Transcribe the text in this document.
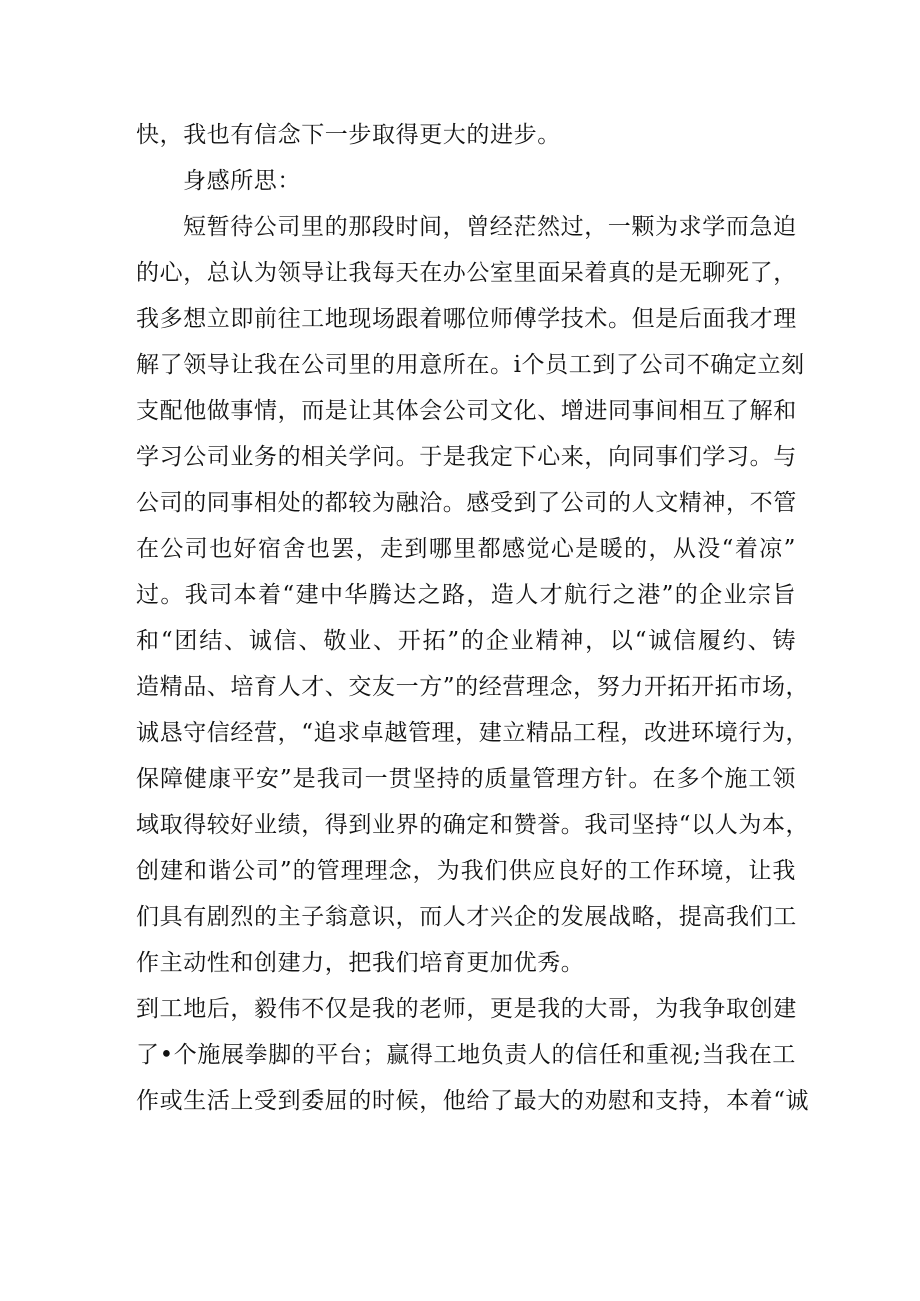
快，我也有信念下一步取得更大的进步。
身感所思：
短暂待公司里的那段时间，曾经茫然过，一颗为求学而急迫
的心，总认为领导让我每天在办公室里面呆着真的是无聊死了，
我多想立即前往工地现场跟着哪位师傅学技术。但是后面我才理
解了领导让我在公司里的用意所在。i个员工到了公司不确定立刻
支配他做事情，而是让其体会公司文化、增进同事间相互了解和
学习公司业务的相关学问。于是我定下心来，向同事们学习。与
公司的同事相处的都较为融洽。感受到了公司的人文精神，不管
在公司也好宿舍也罢，走到哪里都感觉心是暖的，从没“着凉”
过。我司本着“建中华腾达之路，造人才航行之港”的企业宗旨
和“团结、诚信、敬业、开拓”的企业精神，以“诚信履约、铸
造精品、培育人才、交友一方”的经营理念，努力开拓开拓市场，
诚恳守信经营，“追求卓越管理，建立精品工程，改进环境行为，
保障健康平安”是我司一贯坚持的质量管理方针。在多个施工领
域取得较好业绩，得到业界的确定和赞誉。我司坚持“以人为本，
创建和谐公司”的管理理念，为我们供应良好的工作环境，让我
们具有剧烈的主子翁意识，而人才兴企的发展战略，提高我们工
作主动性和创建力，把我们培育更加优秀。
到工地后，毅伟不仅是我的老师，更是我的大哥，为我争取创建
了•个施展拳脚的平台；赢得工地负责人的信任和重视;当我在工
作或生活上受到委屈的时候，他给了最大的劝慰和支持，本着“诚
